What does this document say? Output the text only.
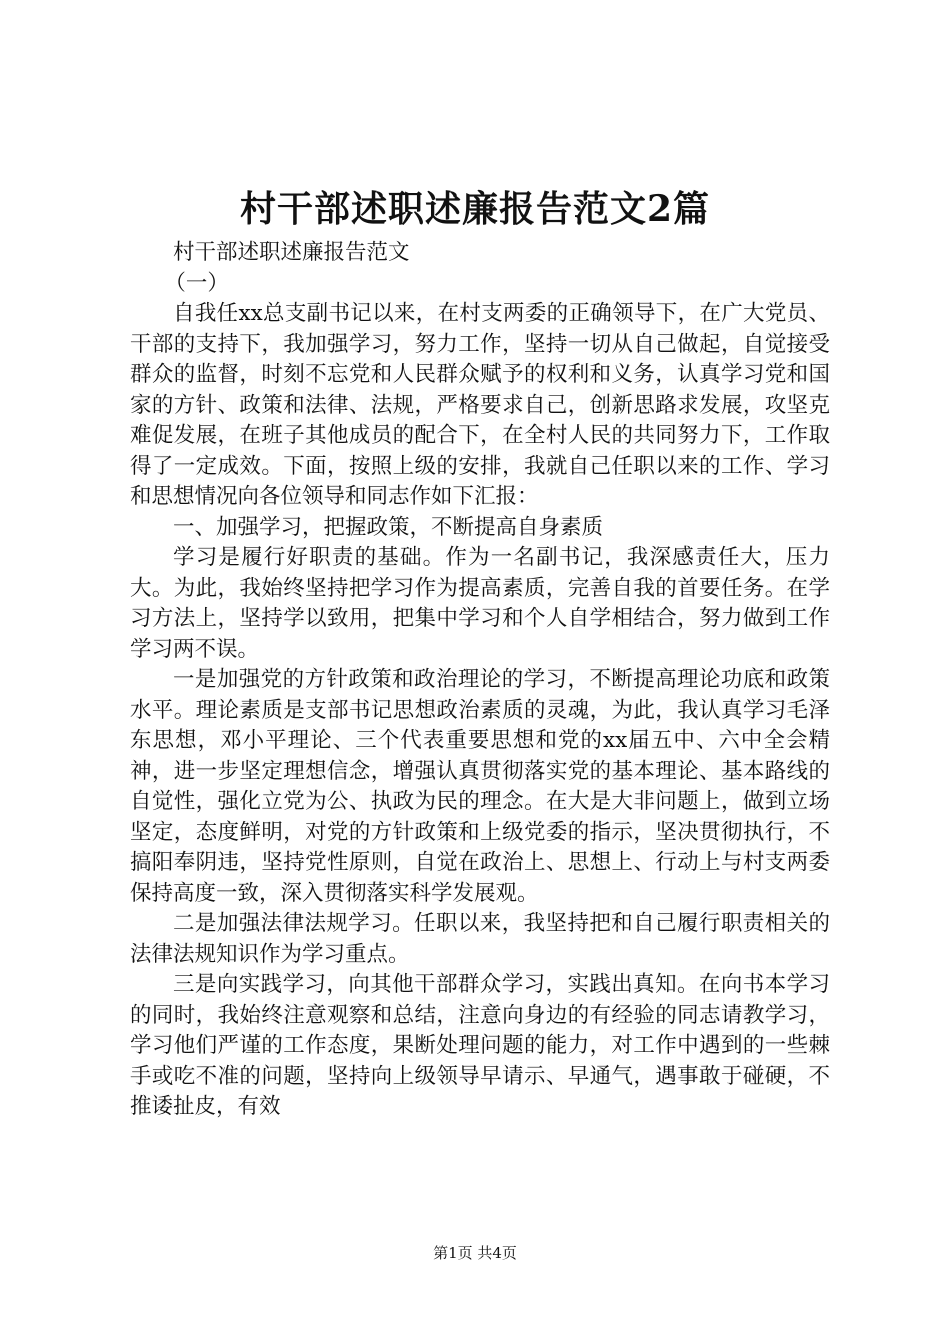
村干部述职述廉报告范文2篇

村干部述职述廉报告范文

（一）

自我任xx总支副书记以来，在村支两委的正确领导下，在广大党员、干部的支持下，我加强学习，努力工作，坚持一切从自己做起，自觉接受群众的监督，时刻不忘党和人民群众赋予的权利和义务，认真学习党和国家的方针、政策和法律、法规，严格要求自己，创新思路求发展，攻坚克难促发展，在班子其他成员的配合下，在全村人民的共同努力下，工作取得了一定成效。下面，按照上级的安排，我就自己任职以来的工作、学习和思想情况向各位领导和同志作如下汇报：

一、加强学习，把握政策，不断提高自身素质

学习是履行好职责的基础。作为一名副书记，我深感责任大，压力大。为此，我始终坚持把学习作为提高素质，完善自我的首要任务。在学习方法上，坚持学以致用，把集中学习和个人自学相结合，努力做到工作学习两不误。

一是加强党的方针政策和政治理论的学习，不断提高理论功底和政策水平。理论素质是支部书记思想政治素质的灵魂，为此，我认真学习毛泽东思想，邓小平理论、三个代表重要思想和党的xx届五中、六中全会精神，进一步坚定理想信念，增强认真贯彻落实党的基本理论、基本路线的自觉性，强化立党为公、执政为民的理念。在大是大非问题上，做到立场坚定，态度鲜明，对党的方针政策和上级党委的指示，坚决贯彻执行，不搞阳奉阴违，坚持党性原则，自觉在政治上、思想上、行动上与村支两委保持高度一致，深入贯彻落实科学发展观。

二是加强法律法规学习。任职以来，我坚持把和自己履行职责相关的法律法规知识作为学习重点。

三是向实践学习，向其他干部群众学习，实践出真知。在向书本学习的同时，我始终注意观察和总结，注意向身边的有经验的同志请教学习，学习他们严谨的工作态度，果断处理问题的能力，对工作中遇到的一些棘手或吃不准的问题，坚持向上级领导早请示、早通气，遇事敢于碰硬，不推诿扯皮，有效

第1页 共4页
